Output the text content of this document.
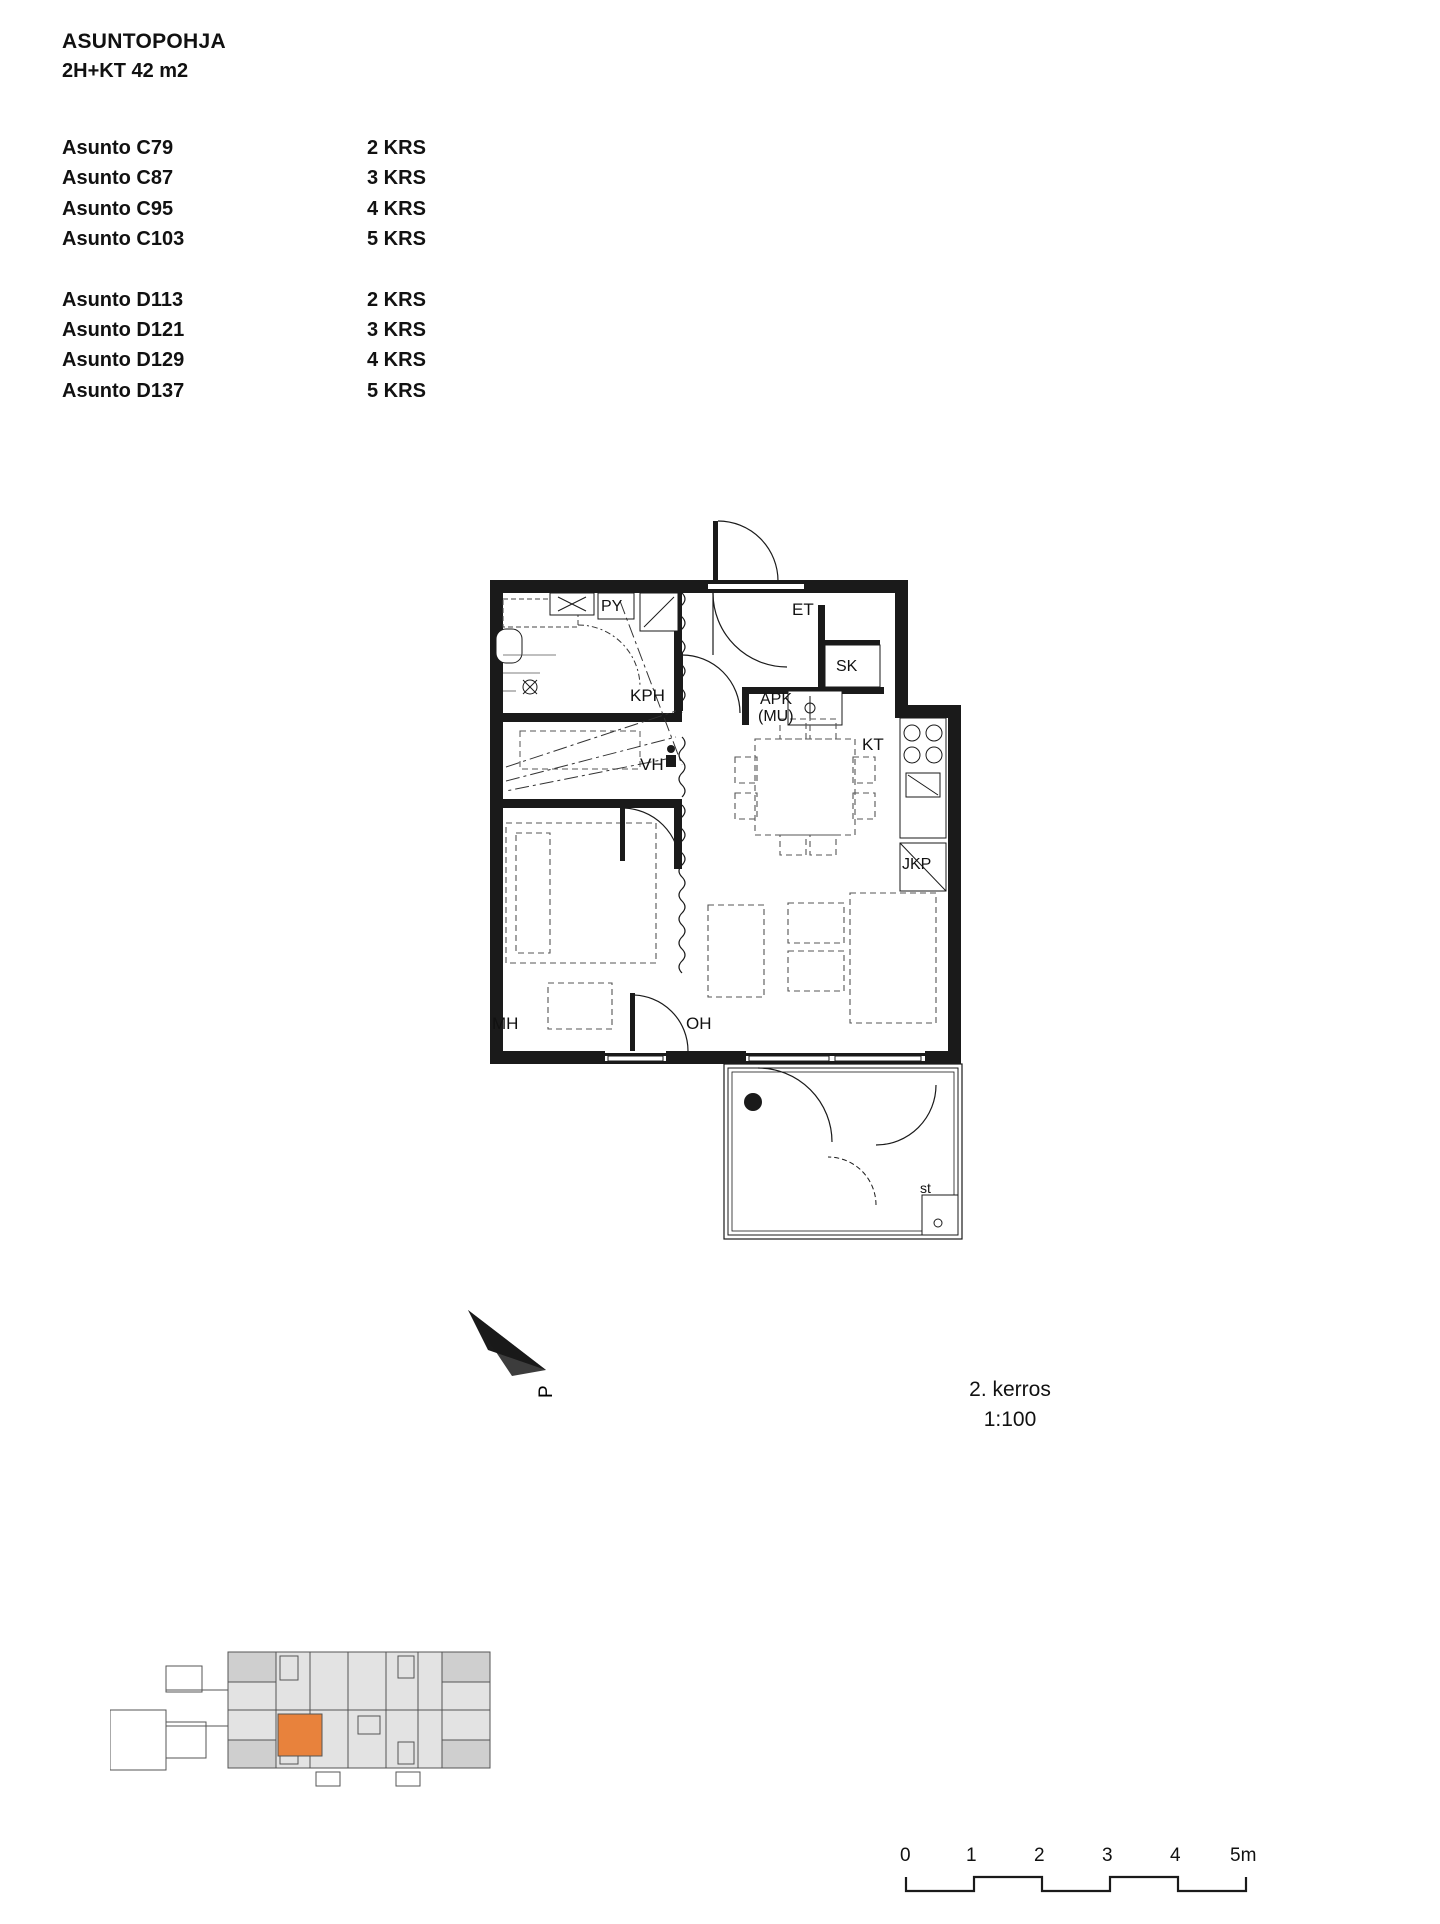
ASUNTOPOHJA
2H+KT 42 m2
Asunto C79	2 KRS
Asunto C87	3 KRS
Asunto C95	4 KRS
Asunto C103	5 KRS
Asunto D113	2 KRS
Asunto D121	3 KRS
Asunto D129	4 KRS
Asunto D137	5 KRS
PY	ET
SK
KPH	APK
(MU)
KT
VH
JKP
MH	OH
st
P	2. kerros
1:100
0	1	2	3	4	5m
